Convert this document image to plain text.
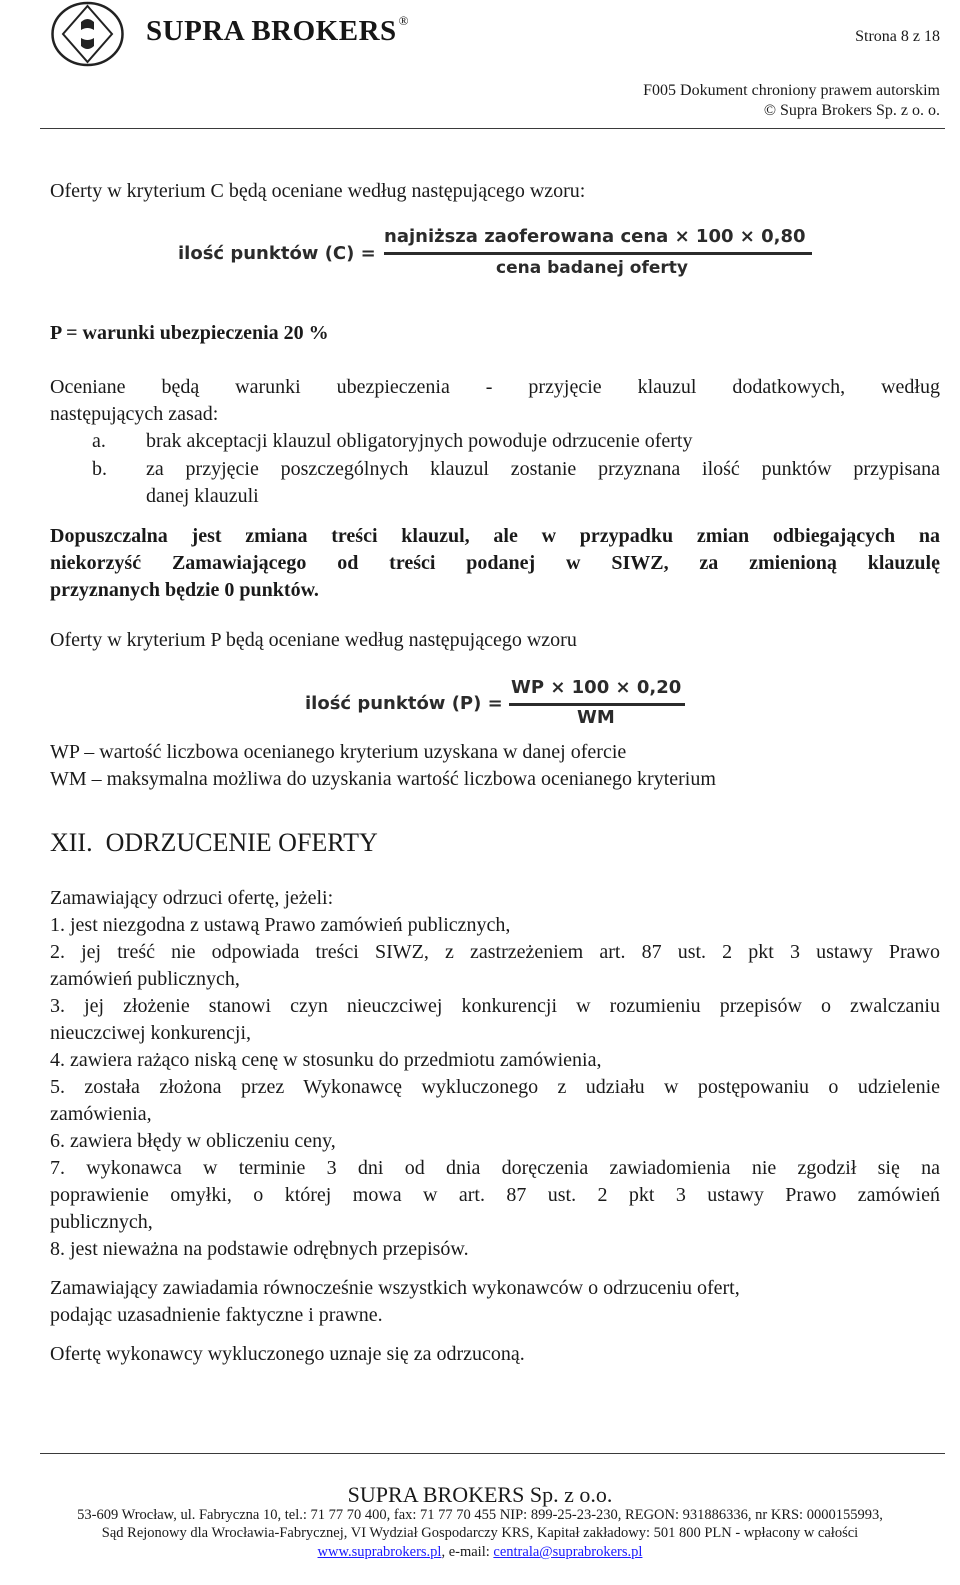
SUPRA BROKERS ®
Strona 8 z 18
F005 Dokument chroniony prawem autorskim
© Supra Brokers Sp. z o. o.
Oferty w kryterium C będą oceniane według następującego wzoru:
ilość punktów (C) =
najniższa zaoferowana cena × 100 × 0,80
cena badanej oferty
P = warunki ubezpieczenia 20 %
Oceniane będą warunki ubezpieczenia - przyjęcie klauzul dodatkowych, według
następujących zasad:
a. brak akceptacji klauzul obligatoryjnych powoduje odrzucenie oferty
b. za przyjęcie poszczególnych klauzul zostanie przyznana ilość punktów przypisana
danej klauzuli
Dopuszczalna jest zmiana treści klauzul, ale w przypadku zmian odbiegających na
niekorzyść Zamawiającego od treści podanej w SIWZ, za zmienioną klauzulę
przyznanych będzie 0 punktów.
Oferty w kryterium P będą oceniane według następującego wzoru
ilość punktów (P) =
WP × 100 × 0,20
WM
WP – wartość liczbowa ocenianego kryterium uzyskana w danej ofercie
WM – maksymalna możliwa do uzyskania wartość liczbowa ocenianego kryterium
XII. ODRZUCENIE OFERTY
Zamawiający odrzuci ofertę, jeżeli:
1. jest niezgodna z ustawą Prawo zamówień publicznych,
2. jej treść nie odpowiada treści SIWZ, z zastrzeżeniem art. 87 ust. 2 pkt 3 ustawy Prawo
zamówień publicznych,
3. jej złożenie stanowi czyn nieuczciwej konkurencji w rozumieniu przepisów o zwalczaniu
nieuczciwej konkurencji,
4. zawiera rażąco niską cenę w stosunku do przedmiotu zamówienia,
5. została złożona przez Wykonawcę wykluczonego z udziału w postępowaniu o udzielenie
zamówienia,
6. zawiera błędy w obliczeniu ceny,
7. wykonawca w terminie 3 dni od dnia doręczenia zawiadomienia nie zgodził się na
poprawienie omyłki, o której mowa w art. 87 ust. 2 pkt 3 ustawy Prawo zamówień
publicznych,
8. jest nieważna na podstawie odrębnych przepisów.
Zamawiający zawiadamia równocześnie wszystkich wykonawców o odrzuceniu ofert,
podając uzasadnienie faktyczne i prawne.
Ofertę wykonawcy wykluczonego uznaje się za odrzuconą.
SUPRA BROKERS Sp. z o.o.
53-609 Wrocław, ul. Fabryczna 10, tel.: 71 77 70 400, fax: 71 77 70 455 NIP: 899-25-23-230, REGON: 931886336, nr KRS: 0000155993,
Sąd Rejonowy dla Wrocławia-Fabrycznej, VI Wydział Gospodarczy KRS, Kapitał zakładowy: 501 800 PLN - wpłacony w całości
www.suprabrokers.pl, e-mail: centrala@suprabrokers.pl
